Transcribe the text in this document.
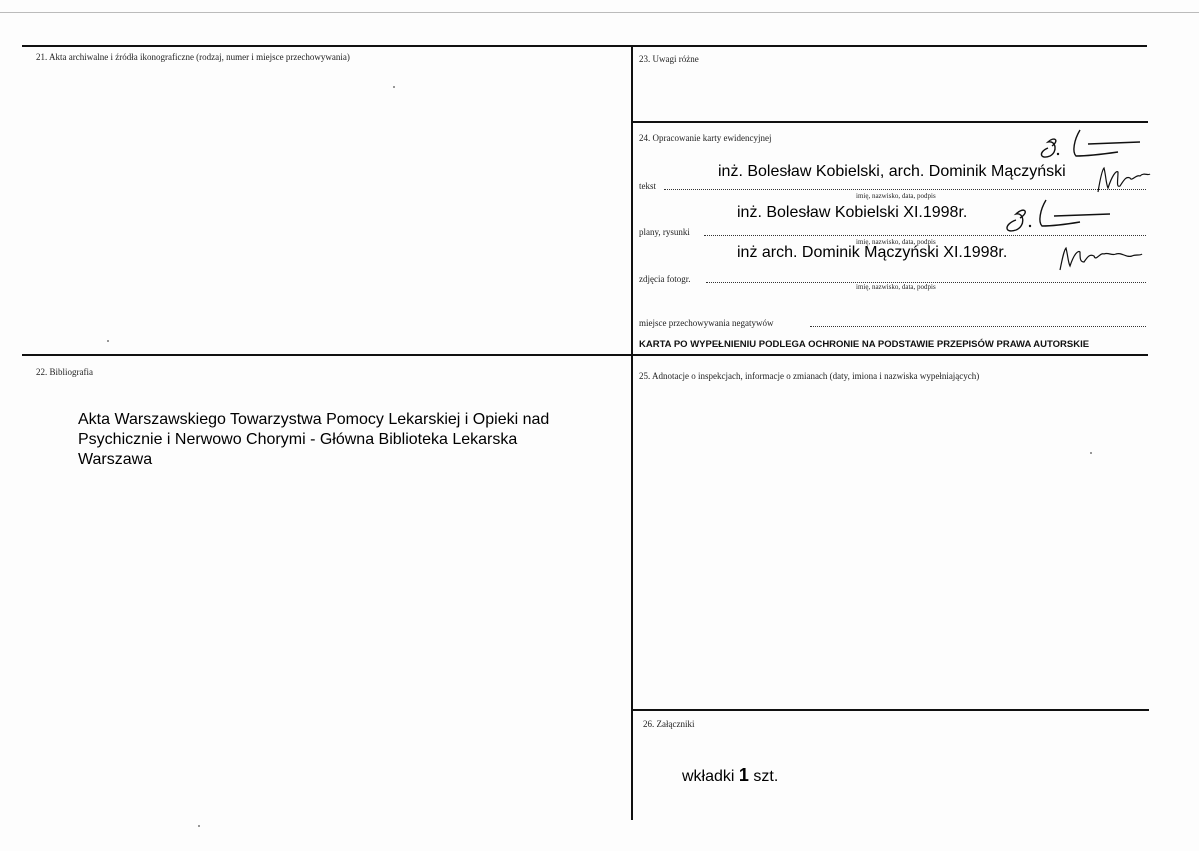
21. Akta archiwalne i źródła ikonograficzne (rodzaj, numer i miejsce przechowywania)	23. Uwagi różne
24. Opracowanie karty ewidencyjnej
inż. Bolesław Kobielski, arch. Dominik Mączyński
tekst
imię, nazwisko, data, podpis
inż. Bolesław Kobielski XI.1998r.
plany, rysunki
imię, nazwisko, data, podpis
inż arch. Dominik Mączyński XI.1998r.
zdjęcia fotogr.
imię, nazwisko, data, podpis
miejsce przechowywania negatywów
KARTA PO WYPEŁNIENIU PODLEGA OCHRONIE NA PODSTAWIE PRZEPISÓW PRAWA AUTORSKIE
22. Bibliografia
Akta Warszawskiego Towarzystwa Pomocy Lekarskiej i Opieki nad
Psychicznie i Nerwowo Chorymi - Główna Biblioteka Lekarska
Warszawa
25. Adnotacje o inspekcjach, informacje o zmianach (daty, imiona i nazwiska wypełniających)
26. Załączniki
wkładki 1 szt.
